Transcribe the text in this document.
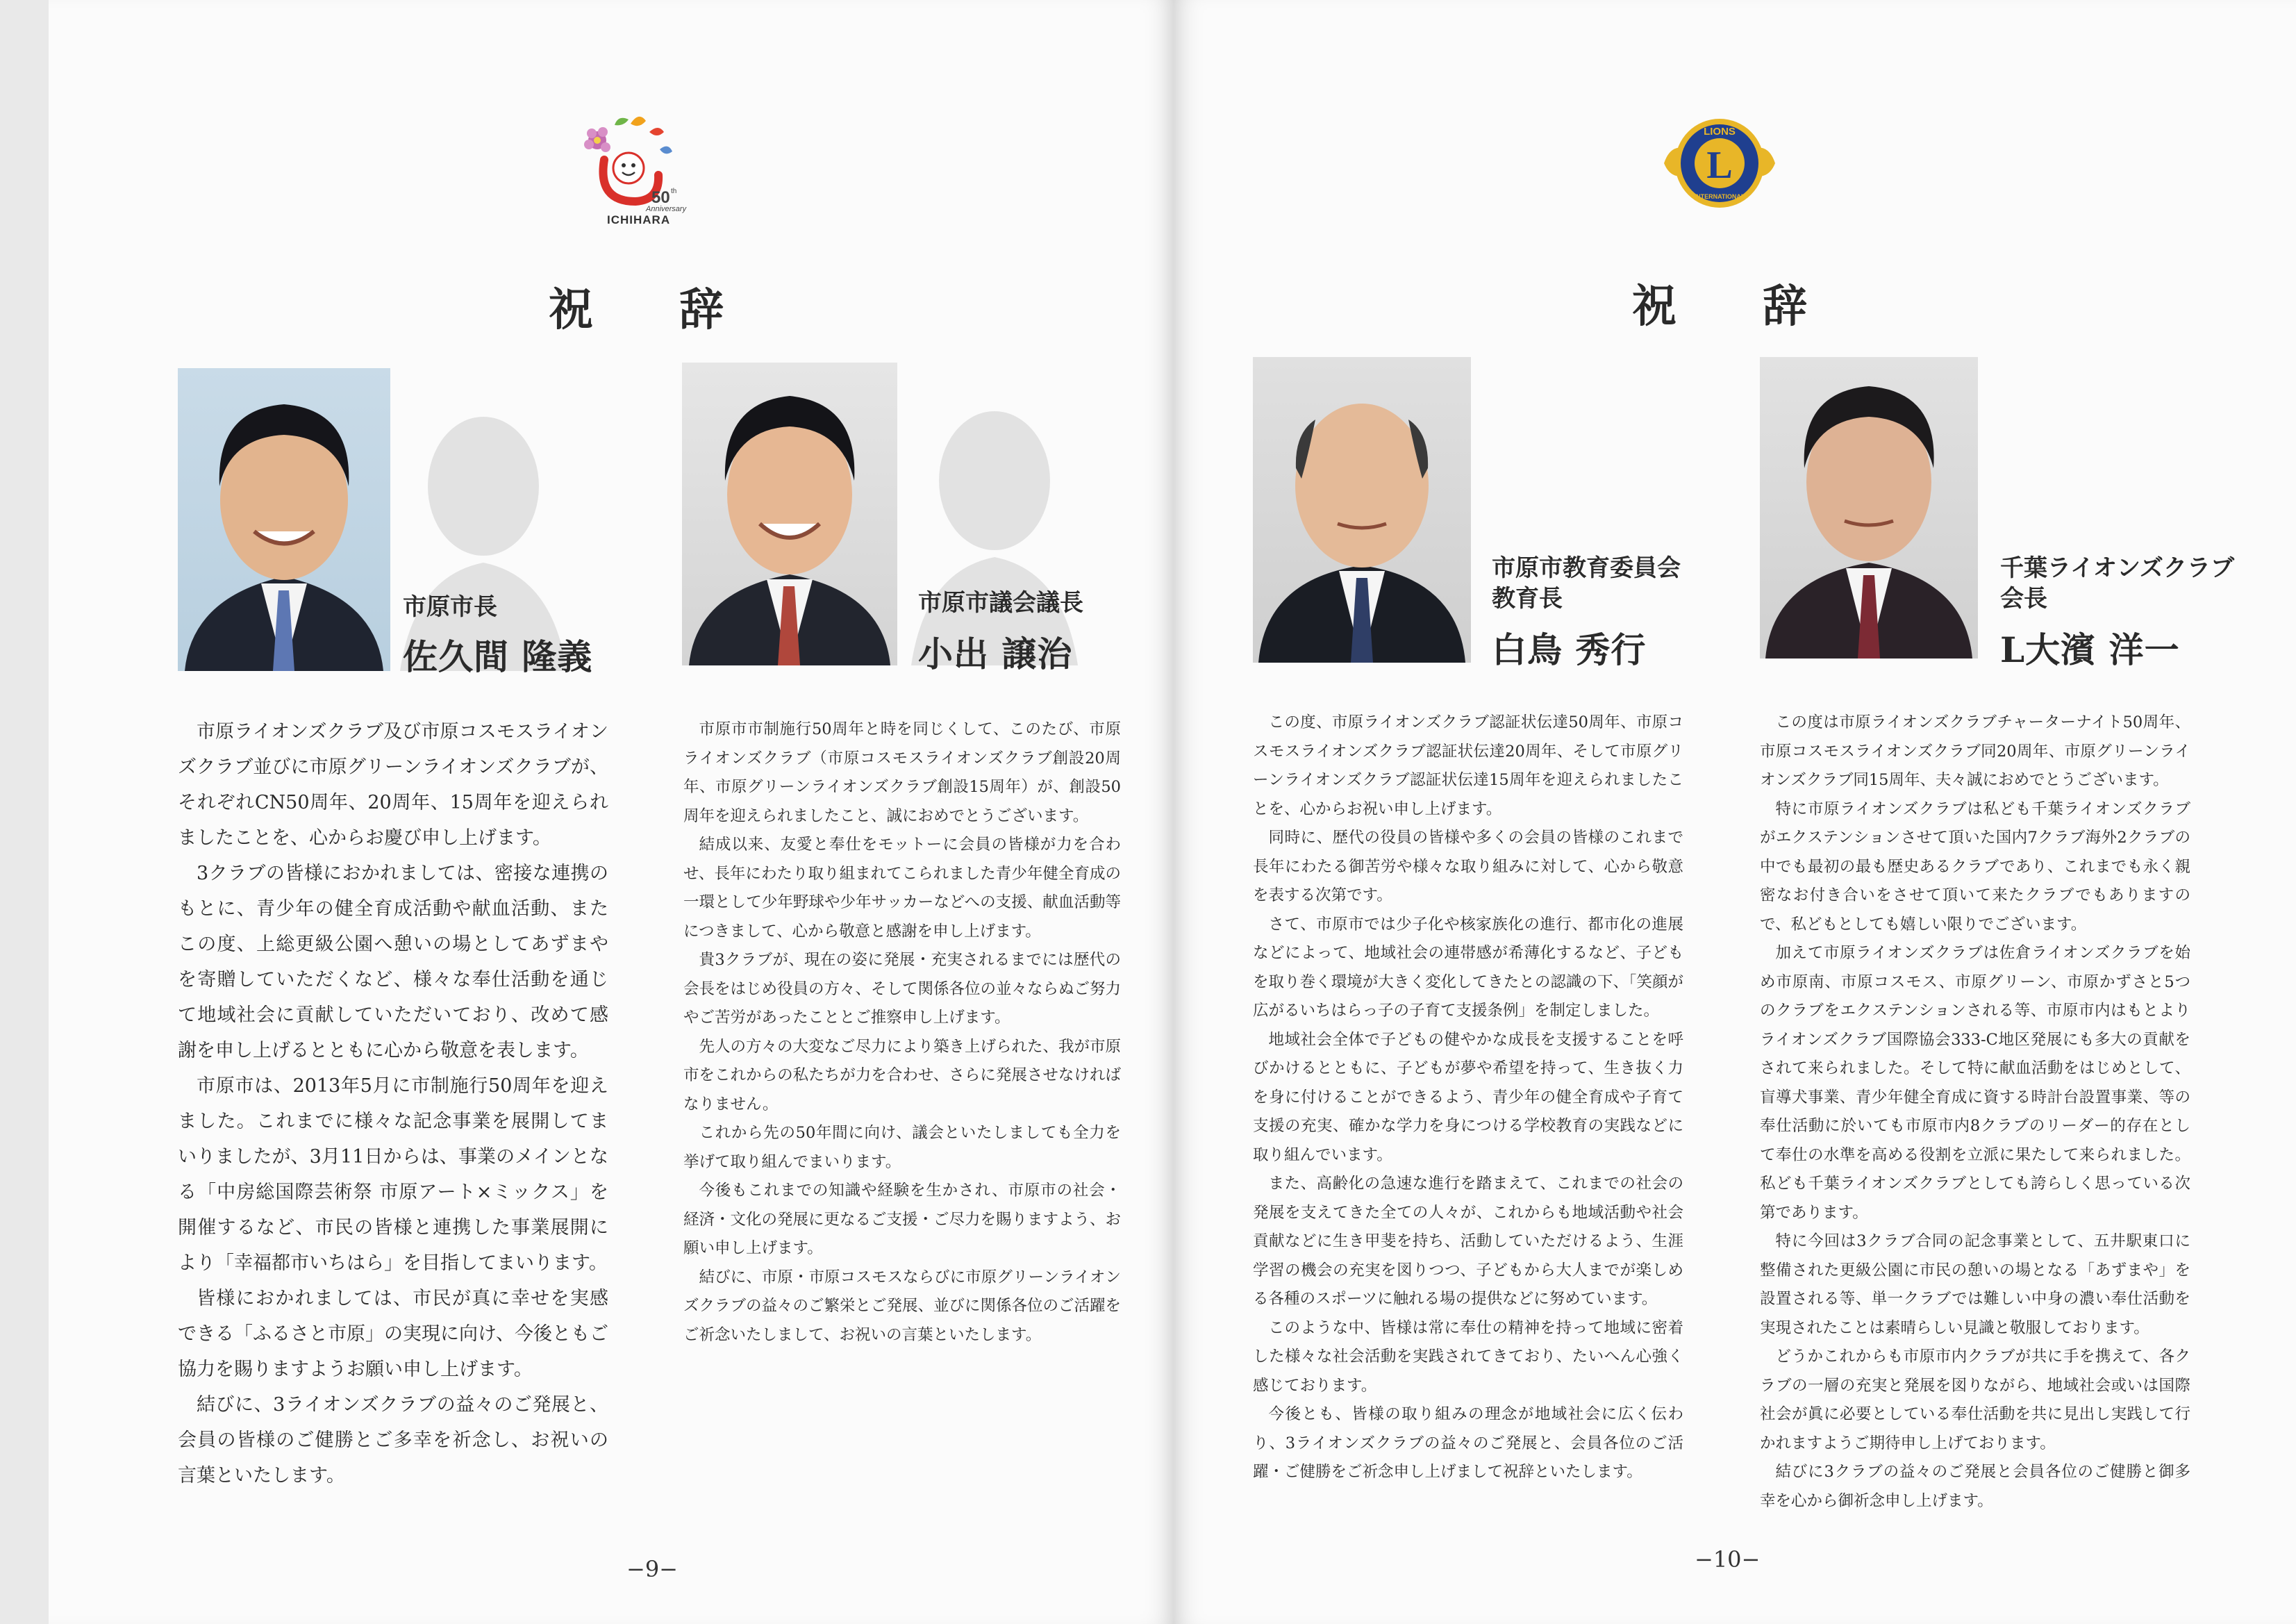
50 th
Anniversary
ICHIHARA
祝 辞
市原市長
佐久間 隆義
市原市議会議長
小出 譲治

市原ライオンズクラブ及び市原コスモスライオンズクラブ並びに市原グリーンライオンズクラブが、それぞれCN50周年、20周年、15周年を迎えられましたことを、心からお慶び申し上げます。

3クラブの皆様におかれましては、密接な連携のもとに、青少年の健全育成活動や献血活動、またこの度、上総更級公園へ憩いの場としてあずまやを寄贈していただくなど、様々な奉仕活動を通じて地域社会に貢献していただいており、改めて感謝を申し上げるとともに心から敬意を表します。

市原市は、2013年5月に市制施行50周年を迎えました。これまでに様々な記念事業を展開してまいりましたが、3月11日からは、事業のメインとなる「中房総国際芸術祭 市原アート×ミックス」を開催するなど、市民の皆様と連携した事業展開により「幸福都市いちはら」を目指してまいります。

皆様におかれましては、市民が真に幸せを実感できる「ふるさと市原」の実現に向け、今後ともご協力を賜りますようお願い申し上げます。

結びに、3ライオンズクラブの益々のご発展と、会員の皆様のご健勝とご多幸を祈念し、お祝いの言葉といたします。

市原市市制施行50周年と時を同じくして、このたび、市原ライオンズクラブ（市原コスモスライオンズクラブ創設20周年、市原グリーンライオンズクラブ創設15周年）が、創設50周年を迎えられましたこと、誠におめでとうございます。

結成以来、友愛と奉仕をモットーに会員の皆様が力を合わせ、長年にわたり取り組まれてこられました青少年健全育成の一環として少年野球や少年サッカーなどへの支援、献血活動等につきまして、心から敬意と感謝を申し上げます。

貴3クラブが、現在の姿に発展・充実されるまでには歴代の会長をはじめ役員の方々、そして関係各位の並々ならぬご努力やご苦労があったこととご推察申し上げます。

先人の方々の大変なご尽力により築き上げられた、我が市原市をこれからの私たちが力を合わせ、さらに発展させなければなりません。

これから先の50年間に向け、議会といたしましても全力を挙げて取り組んでまいります。

今後もこれまでの知識や経験を生かされ、市原市の社会・経済・文化の発展に更なるご支援・ご尽力を賜りますよう、お願い申し上げます。

結びに、市原・市原コスモスならびに市原グリーンライオンズクラブの益々のご繁栄とご発展、並びに関係各位のご活躍をご祈念いたしまして、お祝いの言葉といたします。

−9−
L
LIONS
INTERNATIONAL
祝 辞
市原市教育委員会
教育長
白鳥 秀行
千葉ライオンズクラブ
会長
L大濱 洋一

この度、市原ライオンズクラブ認証状伝達50周年、市原コスモスライオンズクラブ認証状伝達20周年、そして市原グリーンライオンズクラブ認証状伝達15周年を迎えられましたことを、心からお祝い申し上げます。

同時に、歴代の役員の皆様や多くの会員の皆様のこれまで長年にわたる御苦労や様々な取り組みに対して、心から敬意を表する次第です。

さて、市原市では少子化や核家族化の進行、都市化の進展などによって、地域社会の連帯感が希薄化するなど、子どもを取り巻く環境が大きく変化してきたとの認識の下、「笑顔が広がるいちはらっ子の子育て支援条例」を制定しました。

地域社会全体で子どもの健やかな成長を支援することを呼びかけるとともに、子どもが夢や希望を持って、生き抜く力を身に付けることができるよう、青少年の健全育成や子育て支援の充実、確かな学力を身につける学校教育の実践などに取り組んでいます。

また、高齢化の急速な進行を踏まえて、これまでの社会の発展を支えてきた全ての人々が、これからも地域活動や社会貢献などに生き甲斐を持ち、活動していただけるよう、生涯学習の機会の充実を図りつつ、子どもから大人までが楽しめる各種のスポーツに触れる場の提供などに努めています。

このような中、皆様は常に奉仕の精神を持って地域に密着した様々な社会活動を実践されてきており、たいへん心強く感じております。

今後とも、皆様の取り組みの理念が地域社会に広く伝わり、3ライオンズクラブの益々のご発展と、会員各位のご活躍・ご健勝をご祈念申し上げまして祝辞といたします。

この度は市原ライオンズクラブチャーターナイト50周年、市原コスモスライオンズクラブ同20周年、市原グリーンライオンズクラブ同15周年、夫々誠におめでとうございます。

特に市原ライオンズクラブは私ども千葉ライオンズクラブがエクステンションさせて頂いた国内7クラブ海外2クラブの中でも最初の最も歴史あるクラブであり、これまでも永く親密なお付き合いをさせて頂いて来たクラブでもありますので、私どもとしても嬉しい限りでございます。

加えて市原ライオンズクラブは佐倉ライオンズクラブを始め市原南、市原コスモス、市原グリーン、市原かずさと5つのクラブをエクステンションされる等、市原市内はもとよりライオンズクラブ国際協会333-C地区発展にも多大の貢献をされて来られました。そして特に献血活動をはじめとして、盲導犬事業、青少年健全育成に資する時計台設置事業、等の奉仕活動に於いても市原市内8クラブのリーダー的存在として奉仕の水準を高める役割を立派に果たして来られました。私ども千葉ライオンズクラブとしても誇らしく思っている次第であります。

特に今回は3クラブ合同の記念事業として、五井駅東口に整備された更級公園に市民の憩いの場となる「あずまや」を設置される等、単一クラブでは難しい中身の濃い奉仕活動を実現されたことは素晴らしい見識と敬服しております。

どうかこれからも市原市内クラブが共に手を携えて、各クラブの一層の充実と発展を図りながら、地域社会或いは国際社会が眞に必要としている奉仕活動を共に見出し実践して行かれますようご期待申し上げております。

結びに3クラブの益々のご発展と会員各位のご健勝と御多幸を心から御祈念申し上げます。

−10−
